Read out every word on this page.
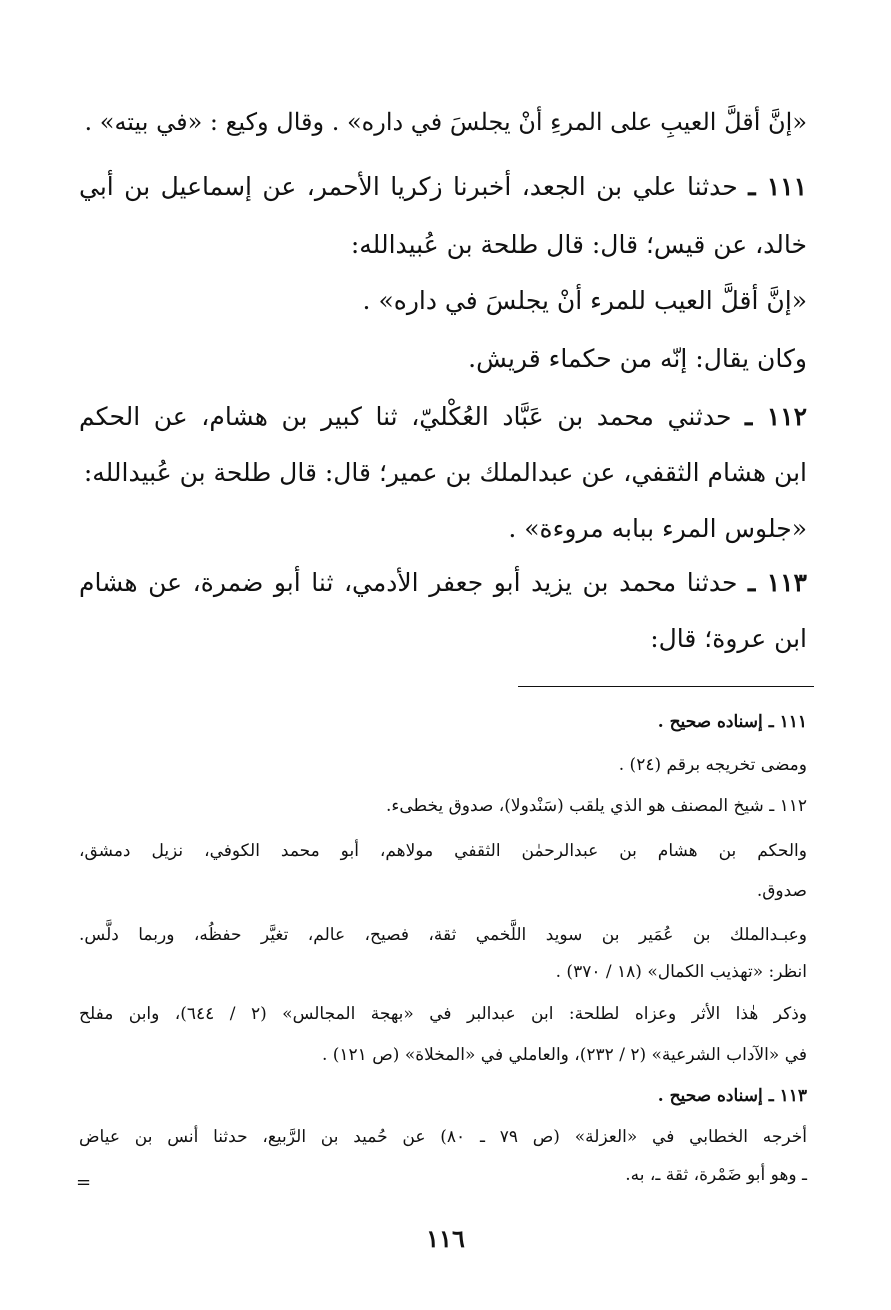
«إنَّ أقلَّ العيبِ على المرءِ أنْ يجلسَ في داره» . وقال وكيع : «في بيته» .
١١١ ـ حدثنا علي بن الجعد، أخبرنا زكريا الأحمر، عن إسماعيل بن أبي
خالد، عن قيس؛ قال: قال طلحة بن عُبيدالله:
«إنَّ أقلَّ العيب للمرء أنْ يجلسَ في داره» .
وكان يقال: إنّه من حكماء قريش.
١١٢ ـ حدثني محمد بن عَبَّاد العُكْليّ، ثنا كبير بن هشام، عن الحكم
ابن هشام الثقفي، عن عبدالملك بن عمير؛ قال: قال طلحة بن عُبيدالله:
«جلوس المرء ببابه مروءة» .
١١٣ ـ حدثنا محمد بن يزيد أبو جعفر الأدمي، ثنا أبو ضمرة، عن هشام
ابن عروة؛ قال:
١١١ ـ إسناده صحيح .
ومضى تخريجه برقم (٢٤) .
١١٢ ـ شيخ المصنف هو الذي يلقب (سَنْدولا)، صدوق يخطىء.
والحكم بن هشام بن عبدالرحمٰن الثقفي مولاهم، أبو محمد الكوفي، نزيل دمشق،
صدوق.
وعبـدالملك بن عُمَير بن سويد اللَّخمي ثقة، فصيح، عالم، تغيَّر حفظُه، وربما دلَّس.
انظر: «تهذيب الكمال» (١٨ / ٣٧٠) .
وذكر هٰذا الأثر وعزاه لطلحة: ابن عبدالبر في «بهجة المجالس» (٢ / ٦٤٤)، وابن مفلح
في «الآداب الشرعية» (٢ / ٢٣٢)، والعاملي في «المخلاة» (ص ١٢١) .
١١٣ ـ إسناده صحيح .
أخرجه الخطابي في «العزلة» (ص ٧٩ ـ ٨٠) عن حُميد بن الرَّبيع، حدثنا أنس بن عياض
ـ وهو أبو ضَمْرة، ثقة ـ، به.
=
١١٦
